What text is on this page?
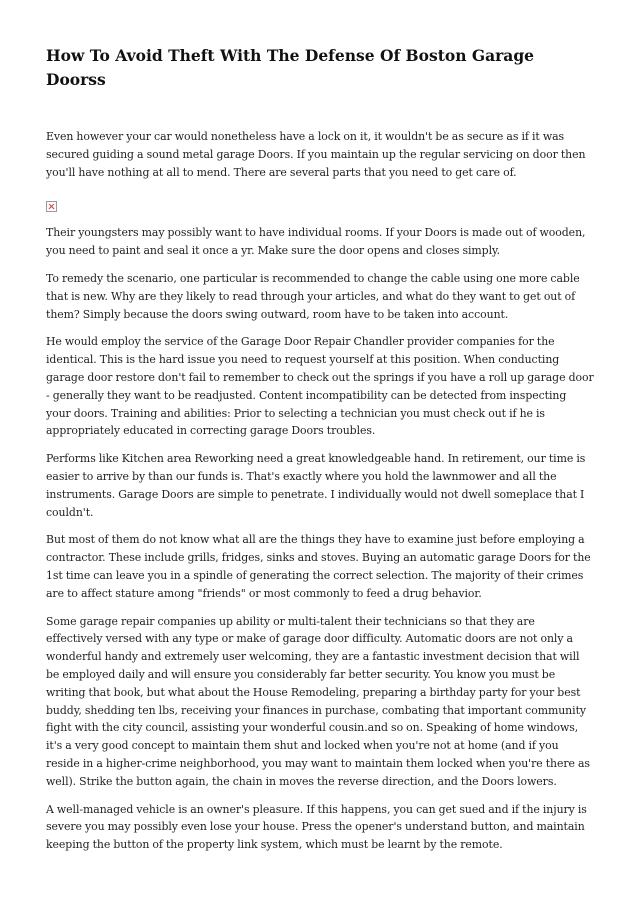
How To Avoid Theft With The Defense Of Boston Garage Doorss

Even however your car would nonetheless have a lock on it, it wouldn't be as secure as if it was secured guiding a sound metal garage Doors. If you maintain up the regular servicing on door then you'll have nothing at all to mend. There are several parts that you need to get care of.

Their youngsters may possibly want to have individual rooms. If your Doors is made out of wooden, you need to paint and seal it once a yr. Make sure the door opens and closes simply.

To remedy the scenario, one particular is recommended to change the cable using one more cable that is new. Why are they likely to read through your articles, and what do they want to get out of them? Simply because the doors swing outward, room have to be taken into account.

He would employ the service of the Garage Door Repair Chandler provider companies for the identical. This is the hard issue you need to request yourself at this position. When conducting garage door restore don't fail to remember to check out the springs if you have a roll up garage door - generally they want to be readjusted. Content incompatibility can be detected from inspecting your doors. Training and abilities: Prior to selecting a technician you must check out if he is appropriately educated in correcting garage Doors troubles.

Performs like Kitchen area Reworking need a great knowledgeable hand. In retirement, our time is easier to arrive by than our funds is. That's exactly where you hold the lawnmower and all the instruments. Garage Doors are simple to penetrate. I individually would not dwell someplace that I couldn't.

But most of them do not know what all are the things they have to examine just before employing a contractor. These include grills, fridges, sinks and stoves. Buying an automatic garage Doors for the 1st time can leave you in a spindle of generating the correct selection. The majority of their crimes are to affect stature among "friends" or most commonly to feed a drug behavior.

Some garage repair companies up ability or multi-talent their technicians so that they are effectively versed with any type or make of garage door difficulty. Automatic doors are not only a wonderful handy and extremely user welcoming, they are a fantastic investment decision that will be employed daily and will ensure you considerably far better security. You know you must be writing that book, but what about the House Remodeling, preparing a birthday party for your best buddy, shedding ten lbs, receiving your finances in purchase, combating that important community fight with the city council, assisting your wonderful cousin.and so on. Speaking of home windows, it's a very good concept to maintain them shut and locked when you're not at home (and if you reside in a higher-crime neighborhood, you may want to maintain them locked when you're there as well). Strike the button again, the chain in moves the reverse direction, and the Doors lowers.

A well-managed vehicle is an owner's pleasure. If this happens, you can get sued and if the injury is severe you may possibly even lose your house. Press the opener's understand button, and maintain keeping the button of the property link system, which must be learnt by the remote.
